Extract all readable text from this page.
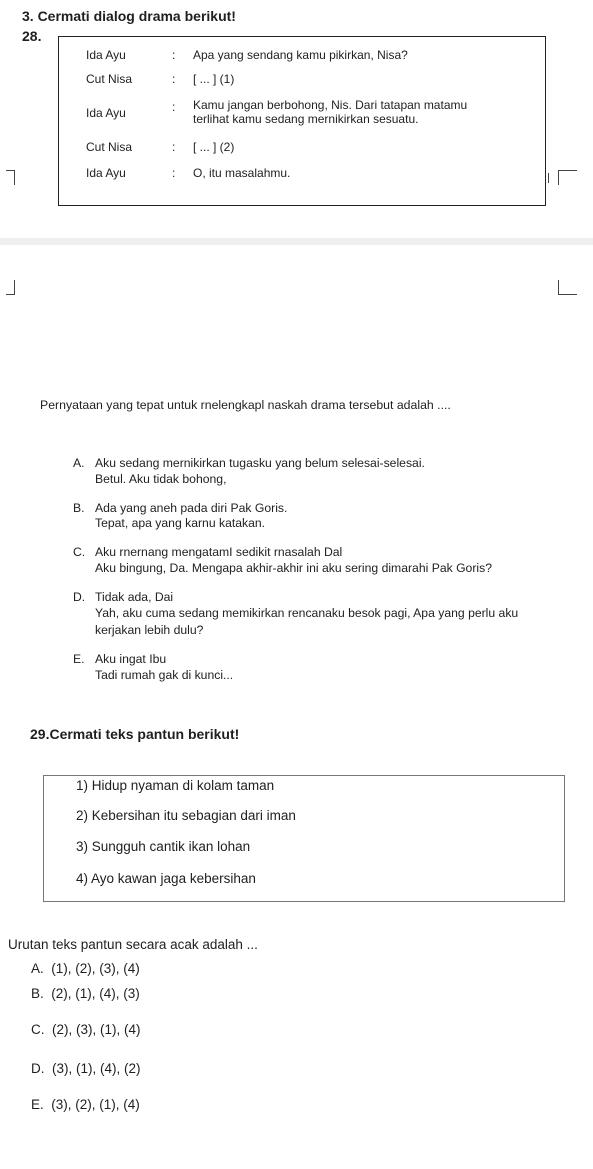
3. Cermati dialog drama berikut!
28.
Ida Ayu	: Apa yang sendang kamu pikirkan, Nisa?
Cut Nisa	: [ ... ] (1)
Ida Ayu	: Kamu jangan berbohong, Nis. Dari tatapan matamu
terlihat kamu sedang mernikirkan sesuatu.
Cut Nisa	: [ ... ] (2)
Ida Ayu	: O, itu masalahmu.
Pernyataan yang tepat untuk rnelengkapl naskah drama tersebut adalah ....
A. Aku sedang mernikirkan tugasku yang belum selesai-selesai.
Betul. Aku tidak bohong,
B. Ada yang aneh pada diri Pak Goris.
Tepat, apa yang karnu katakan.
C. Aku rnernang mengatamI sedikit rnasalah Dal
Aku bingung, Da. Mengapa akhir-akhir ini aku sering dimarahi Pak Goris?
D. Tidak ada, Dai
Yah, aku cuma sedang memikirkan rencanaku besok pagi, Apa yang perlu aku
kerjakan lebih dulu?
E. Aku ingat Ibu
Tadi rumah gak di kunci...
29.Cermati teks pantun berikut!
1) Hidup nyaman di kolam taman
2) Kebersihan itu sebagian dari iman
3) Sungguh cantik ikan lohan
4) Ayo kawan jaga kebersihan
Urutan teks pantun secara acak adalah ...
A. (1), (2), (3), (4)
B. (2), (1), (4), (3)
C. (2), (3), (1), (4)
D. (3), (1), (4), (2)
E. (3), (2), (1), (4)
